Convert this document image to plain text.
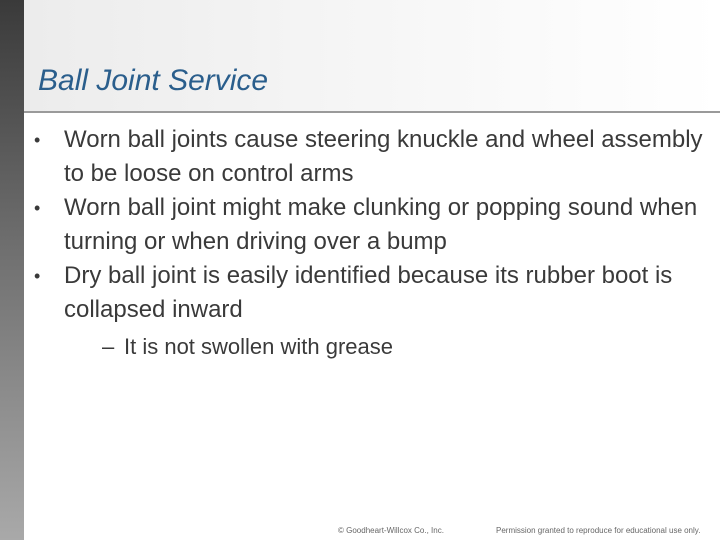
Ball Joint Service
• Worn ball joints cause steering knuckle and wheel assembly to be loose on control arms
• Worn ball joint might make clunking or popping sound when turning or when driving over a bump
• Dry ball joint is easily identified because its rubber boot is collapsed inward
– It is not swollen with grease
© Goodheart-Willcox Co., Inc.	Permission granted to reproduce for educational use only.
